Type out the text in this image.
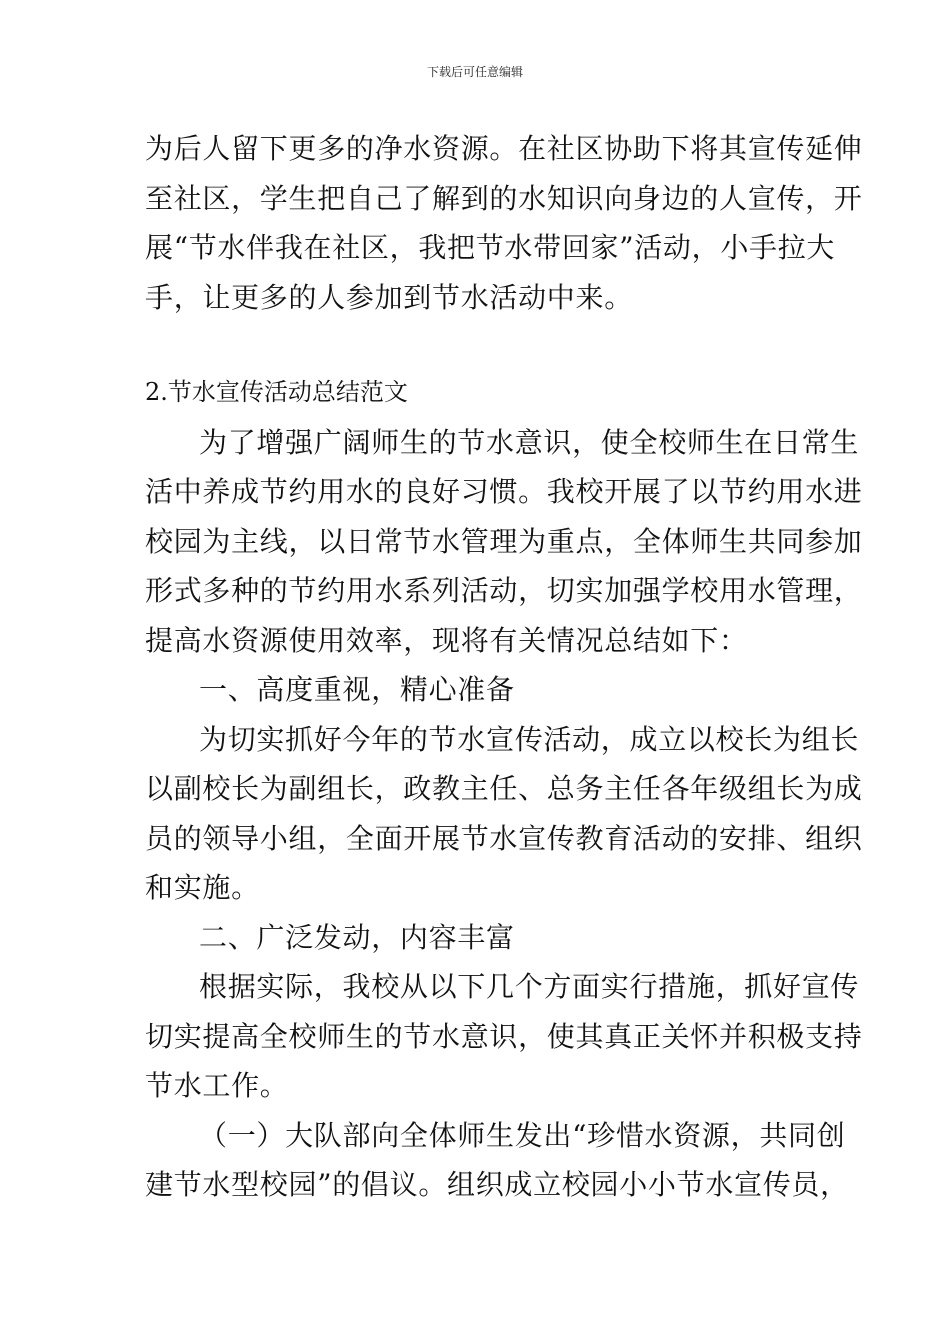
下载后可任意编辑
为后人留下更多的净水资源。在社区协助下将其宣传延伸
至社区，学生把自己了解到的水知识向身边的人宣传，开
展“节水伴我在社区，我把节水带回家”活动，小手拉大
手，让更多的人参加到节水活动中来。
2.节水宣传活动总结范文
为了增强广阔师生的节水意识，使全校师生在日常生
活中养成节约用水的良好习惯。我校开展了以节约用水进
校园为主线，以日常节水管理为重点，全体师生共同参加
形式多种的节约用水系列活动，切实加强学校用水管理，
提高水资源使用效率，现将有关情况总结如下：
一、高度重视，精心准备
为切实抓好今年的节水宣传活动，成立以校长为组长
以副校长为副组长，政教主任、总务主任各年级组长为成
员的领导小组，全面开展节水宣传教育活动的安排、组织
和实施。
二、广泛发动，内容丰富
根据实际，我校从以下几个方面实行措施，抓好宣传
切实提高全校师生的节水意识，使其真正关怀并积极支持
节水工作。
（一）大队部向全体师生发出“珍惜水资源，共同创
建节水型校园”的倡议。组织成立校园小小节水宣传员，
